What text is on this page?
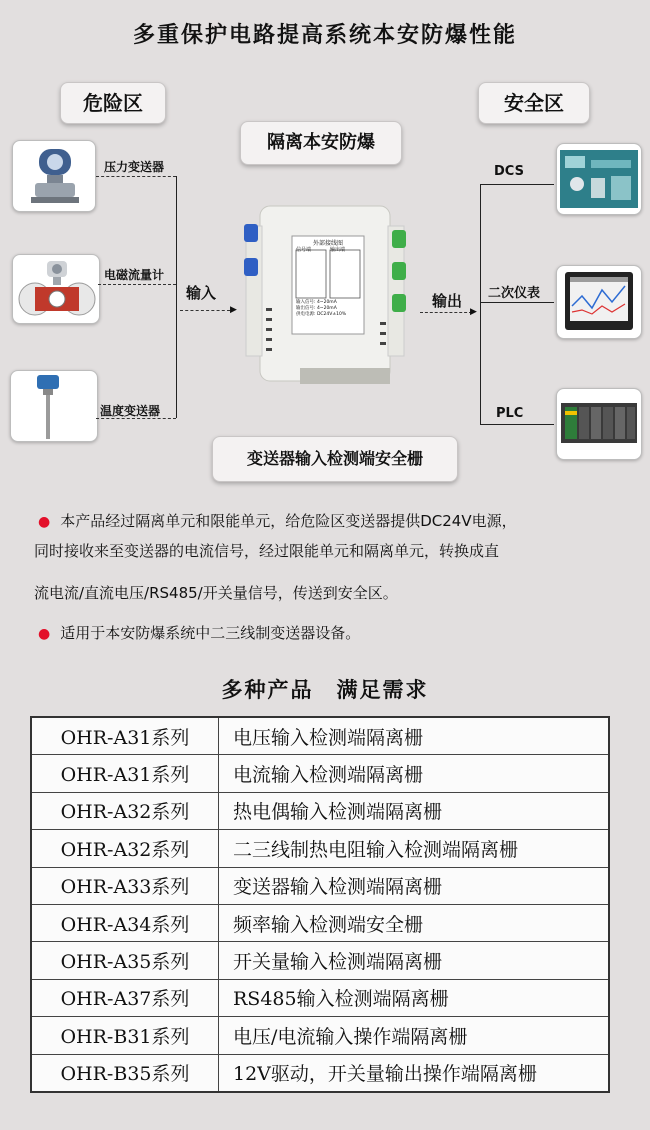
多重保护电路提高系统本安防爆性能
危险区	安全区
隔离本安防爆
变送器输入检测端安全栅
压力变送器
电磁流量计
温度变送器
输入
▶
外部接线图
信号端	输出端
输入信号: 4~20mA
输出信号: 4~20mA
供电电源: DC24V±10%
输出
▶
DCS
二次仪表
PLC
● 本产品经过隔离单元和限能单元，给危险区变送器提供DC24V电源，
同时接收来至变送器的电流信号，经过限能单元和隔离单元，转换成直
流电流/直流电压/RS485/开关量信号，传送到安全区。
● 适用于本安防爆系统中二三线制变送器设备。
多种产品　满足需求
OHR-A31系列	电压输入检测端隔离栅
OHR-A31系列	电流输入检测端隔离栅
OHR-A32系列	热电偶输入检测端隔离栅
OHR-A32系列	二三线制热电阻输入检测端隔离栅
OHR-A33系列	变送器输入检测端隔离栅
OHR-A34系列	频率输入检测端安全栅
OHR-A35系列	开关量输入检测端隔离栅
OHR-A37系列	RS485输入检测端隔离栅
OHR-B31系列	电压/电流输入操作端隔离栅
OHR-B35系列	12V驱动，开关量输出操作端隔离栅
